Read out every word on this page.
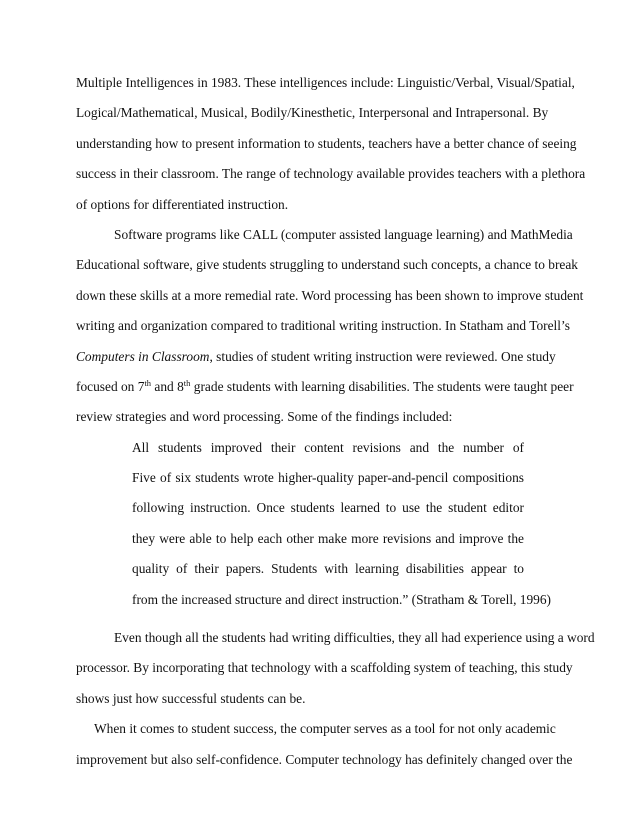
Multiple Intelligences in 1983. These intelligences include: Linguistic/Verbal, Visual/Spatial,
Logical/Mathematical, Musical, Bodily/Kinesthetic, Interpersonal and Intrapersonal. By
understanding how to present information to students, teachers have a better chance of seeing
success in their classroom. The range of technology available provides teachers with a plethora
of options for differentiated instruction.
Software programs like CALL (computer assisted language learning) and MathMedia
Educational software, give students struggling to understand such concepts, a chance to break
down these skills at a more remedial rate. Word processing has been shown to improve student
writing and organization compared to traditional writing instruction. In Statham and Torell’s
Computers in Classroom, studies of student writing instruction were reviewed. One study
focused on 7th and 8th grade students with learning disabilities. The students were taught peer
review strategies and word processing. Some of the findings included:
All students improved their content revisions and the number of
Five of six students wrote higher-quality paper-and-pencil compositions
following instruction. Once students learned to use the student editor
they were able to help each other make more revisions and improve the
quality of their papers. Students with learning disabilities appear to
from the increased structure and direct instruction.” (Stratham & Torell, 1996)
Even though all the students had writing difficulties, they all had experience using a word
processor. By incorporating that technology with a scaffolding system of teaching, this study
shows just how successful students can be.
When it comes to student success, the computer serves as a tool for not only academic
improvement but also self-confidence. Computer technology has definitely changed over the
